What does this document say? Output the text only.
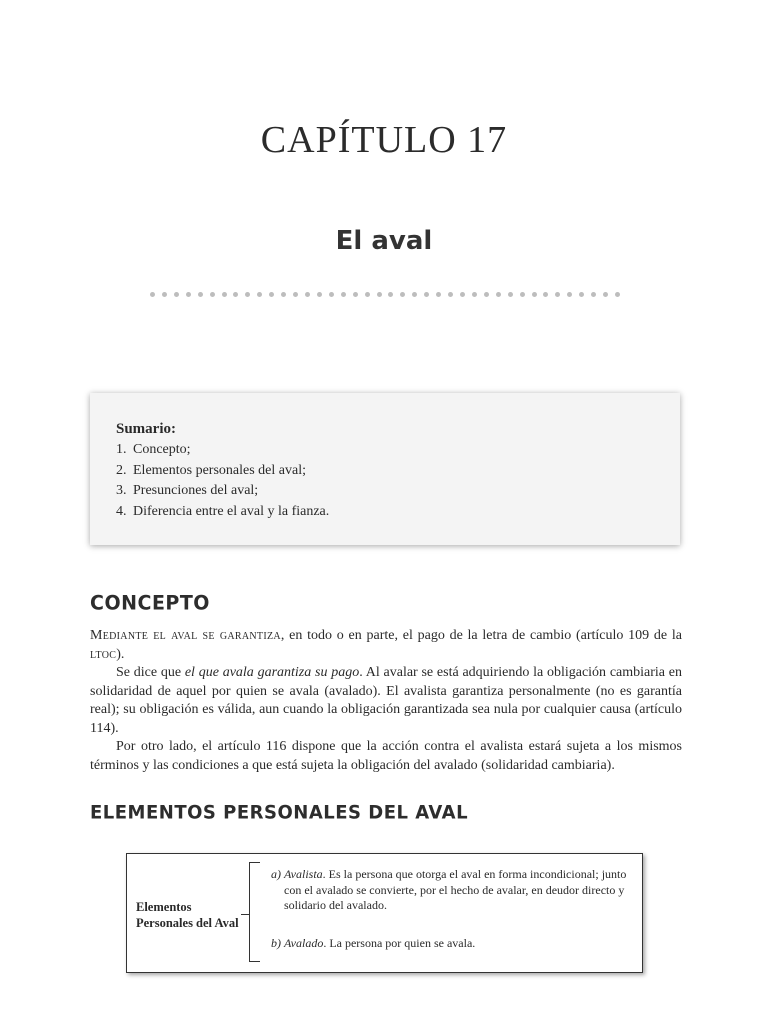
CAPÍTULO 17
El aval
Sumario:
1. Concepto;
2. Elementos personales del aval;
3. Presunciones del aval;
4. Diferencia entre el aval y la fianza.
CONCEPTO

Mediante el aval se garantiza, en todo o en parte, el pago de la letra de cambio (artículo 109 de la ltoc).

Se dice que el que avala garantiza su pago. Al avalar se está adquiriendo la obligación cambiaria en solidaridad de aquel por quien se avala (avalado). El avalista garantiza personalmente (no es garantía real); su obligación es válida, aun cuando la obligación garantizada sea nula por cualquier causa (artículo 114).

Por otro lado, el artículo 116 dispone que la acción contra el avalista estará sujeta a los mismos términos y las condiciones a que está sujeta la obligación del avalado (solidaridad cambiaria).

ELEMENTOS PERSONALES DEL AVAL
Elementos
Personales del Aval
a) Avalista. Es la persona que otorga el aval en forma incondicional; junto con el avalado se convierte, por el hecho de avalar, en deudor directo y solidario del avalado.
b) Avalado. La persona por quien se avala.
